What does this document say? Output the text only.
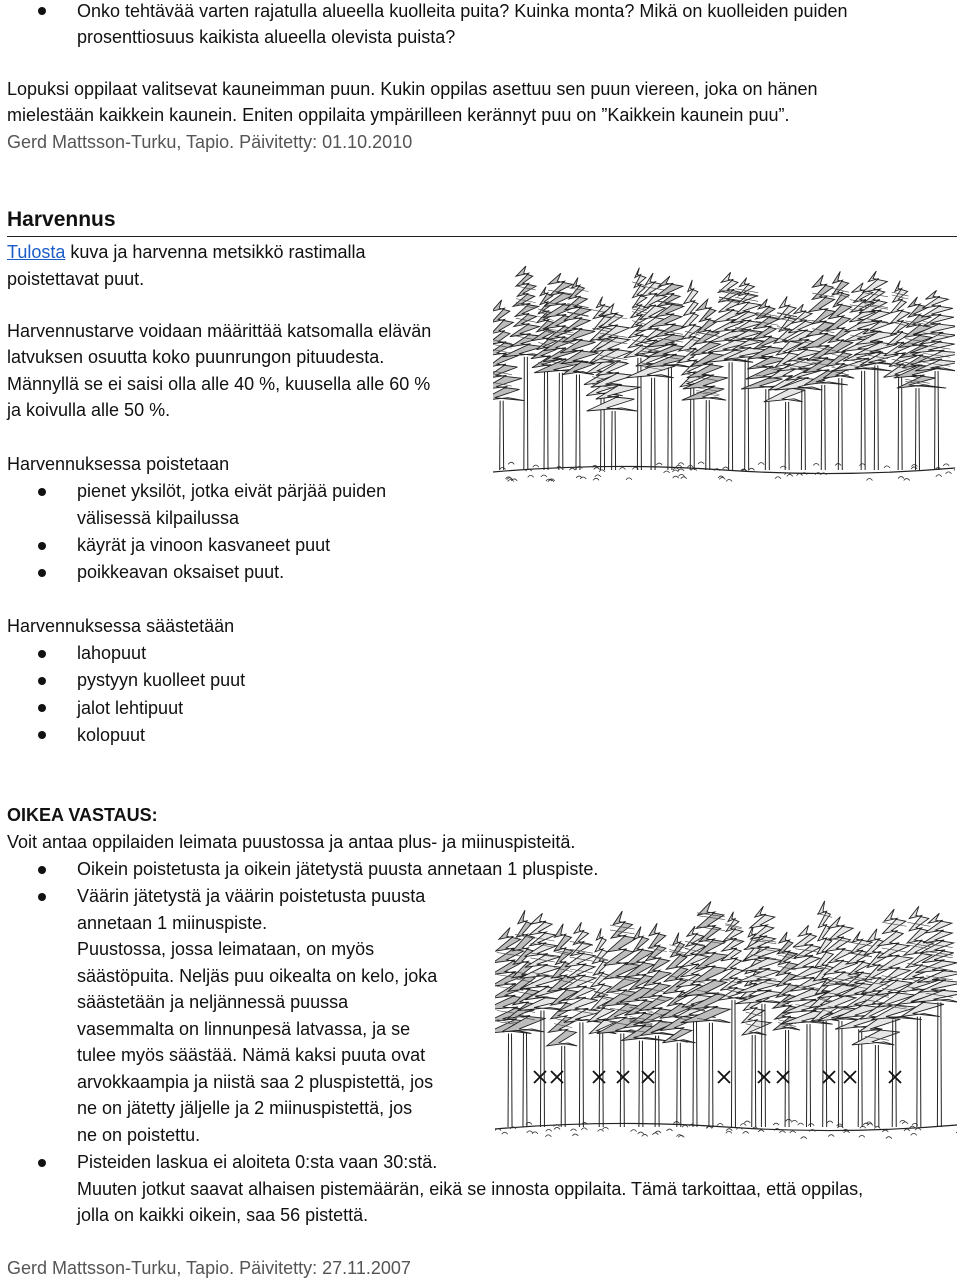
Onko tehtävää varten rajatulla alueella kuolleita puita? Kuinka monta? Mikä on kuolleiden puiden
prosenttiosuus kaikista alueella olevista puista?
Lopuksi oppilaat valitsevat kauneimman puun. Kukin oppilas asettuu sen puun viereen, joka on hänen
mielestään kaikkein kaunein. Eniten oppilaita ympärilleen kerännyt puu on ”Kaikkein kaunein puu”.
Gerd Mattsson-Turku, Tapio. Päivitetty: 01.10.2010
Harvennus
Tulosta kuva ja harvenna metsikkö rastimalla
poistettavat puut.
Harvennustarve voidaan määrittää katsomalla elävän
latvuksen osuutta koko puunrungon pituudesta.
Männyllä se ei saisi olla alle 40 %, kuusella alle 60 %
ja koivulla alle 50 %.
Harvennuksessa poistetaan
pienet yksilöt, jotka eivät pärjää puiden
välisessä kilpailussa
käyrät ja vinoon kasvaneet puut
poikkeavan oksaiset puut.
Harvennuksessa säästetään
lahopuut
pystyyn kuolleet puut
jalot lehtipuut
kolopuut
OIKEA VASTAUS:
Voit antaa oppilaiden leimata puustossa ja antaa plus- ja miinuspisteitä.
Oikein poistetusta ja oikein jätetystä puusta annetaan 1 pluspiste.
Väärin jätetystä ja väärin poistetusta puusta
annetaan 1 miinuspiste.
Puustossa, jossa leimataan, on myös
säästöpuita. Neljäs puu oikealta on kelo, joka
säästetään ja neljännessä puussa
vasemmalta on linnunpesä latvassa, ja se
tulee myös säästää. Nämä kaksi puuta ovat
arvokkaampia ja niistä saa 2 pluspistettä, jos
ne on jätetty jäljelle ja 2 miinuspistettä, jos
ne on poistettu.
Pisteiden laskua ei aloiteta 0:sta vaan 30:stä.
Muuten jotkut saavat alhaisen pistemäärän, eikä se innosta oppilaita. Tämä tarkoittaa, että oppilas,
jolla on kaikki oikein, saa 56 pistettä.
Gerd Mattsson-Turku, Tapio. Päivitetty: 27.11.2007
